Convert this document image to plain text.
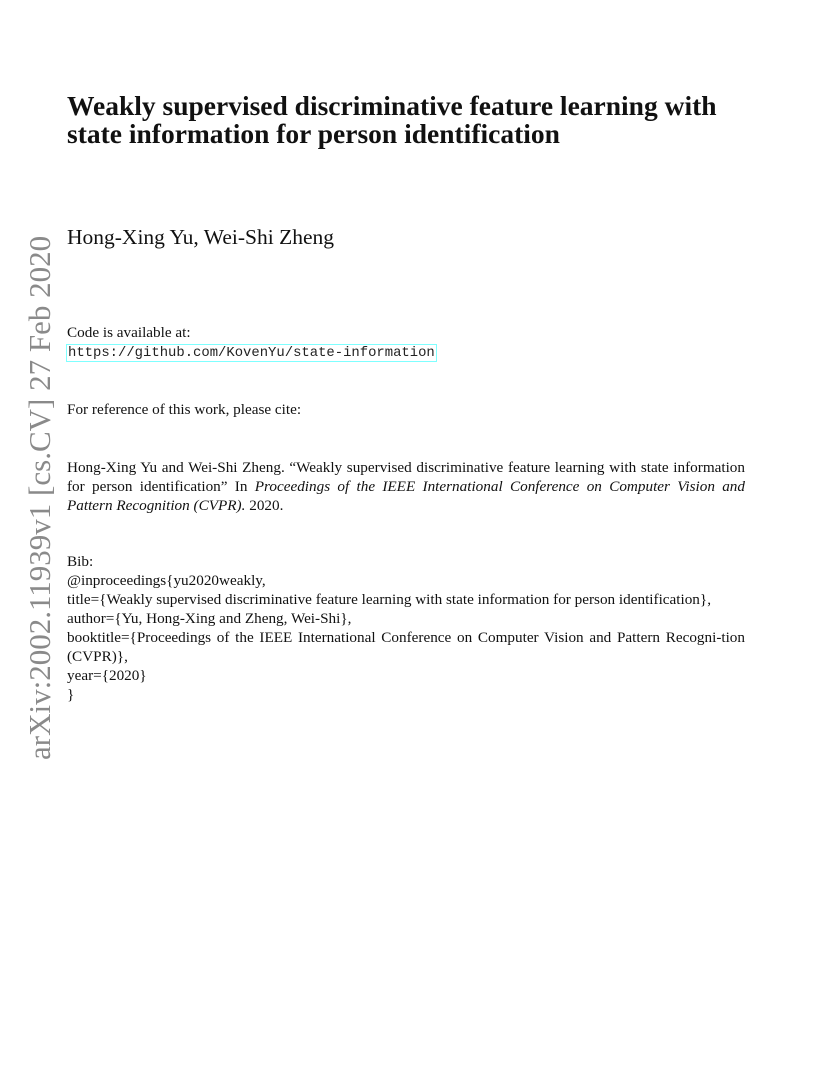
arXiv:2002.11939v1 [cs.CV] 27 Feb 2020
Weakly supervised discriminative feature learning with state information for person identification
Hong-Xing Yu, Wei-Shi Zheng
Code is available at:
https://github.com/KovenYu/state-information
For reference of this work, please cite:
Hong-Xing Yu and Wei-Shi Zheng. “Weakly supervised discriminative feature learning with state information for person identification” In Proceedings of the IEEE International Conference on Computer Vision and Pattern Recognition (CVPR). 2020.
Bib:
@inproceedings{yu2020weakly,
title={Weakly supervised discriminative feature learning with state information for person identification},
author={Yu, Hong-Xing and Zheng, Wei-Shi},
booktitle={Proceedings of the IEEE International Conference on Computer Vision and Pattern Recogni-tion (CVPR)},
year={2020}
}
